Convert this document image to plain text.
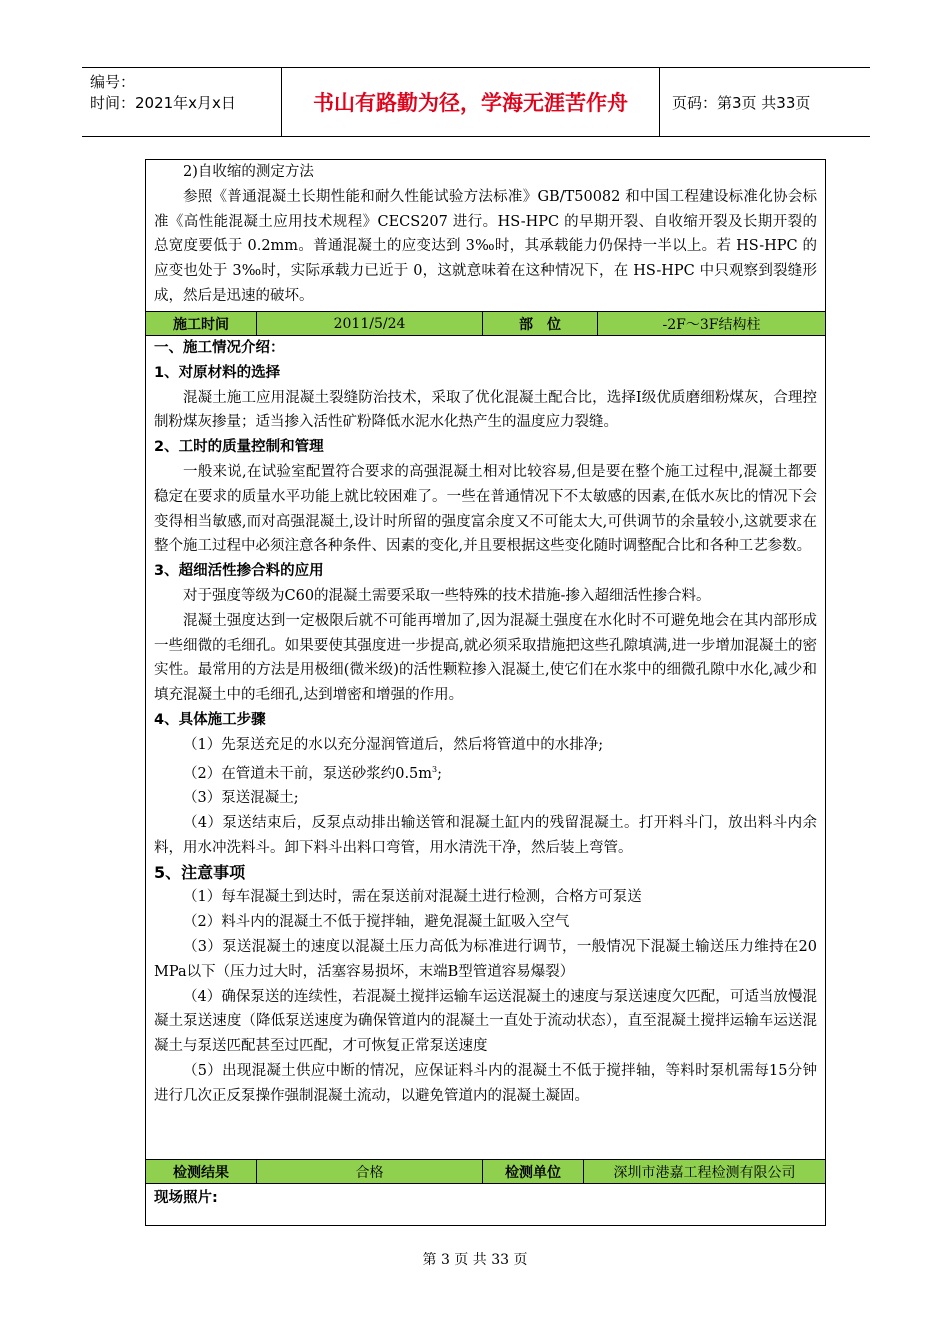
编号：
时间：2021年x月x日	书山有路勤为径，学海无涯苦作舟	页码：第3页 共33页
2)自收缩的测定方法
参照《普通混凝土长期性能和耐久性能试验方法标准》GB/T50082 和中国工程建设标准化协会标准《高性能混凝土应用技术规程》CECS207 进行。HS-HPC 的早期开裂、自收缩开裂及长期开裂的总宽度要低于 0.2mm。普通混凝土的应变达到 3‰时，其承载能力仍保持一半以上。若 HS-HPC 的应变也处于 3‰时，实际承载力已近于 0，这就意味着在这种情况下，在 HS-HPC 中只观察到裂缝形成，然后是迅速的破坏。
施工时间	2011/5/24	部　位	-2F～3F结构柱
一、施工情况介绍：
1、对原材料的选择
混凝土施工应用混凝土裂缝防治技术，采取了优化混凝土配合比，选择Ⅰ级优质磨细粉煤灰，合理控制粉煤灰掺量；适当掺入活性矿粉降低水泥水化热产生的温度应力裂缝。
2、工时的质量控制和管理
一般来说,在试验室配置符合要求的高强混凝土相对比较容易,但是要在整个施工过程中,混凝土都要稳定在要求的质量水平功能上就比较困难了。一些在普通情况下不太敏感的因素,在低水灰比的情况下会变得相当敏感,而对高强混凝土,设计时所留的强度富余度又不可能太大,可供调节的余量较小,这就要求在整个施工过程中必须注意各种条件、因素的变化,并且要根据这些变化随时调整配合比和各种工艺参数。
3、超细活性掺合料的应用
对于强度等级为C60的混凝土需要采取一些特殊的技术措施-掺入超细活性掺合料。
混凝土强度达到一定极限后就不可能再增加了,因为混凝土强度在水化时不可避免地会在其内部形成一些细微的毛细孔。如果要使其强度进一步提高,就必须采取措施把这些孔隙填满,进一步增加混凝土的密实性。最常用的方法是用极细(微米级)的活性颗粒掺入混凝土,使它们在水浆中的细微孔隙中水化,减少和填充混凝土中的毛细孔,达到增密和增强的作用。
4、具体施工步骤
（1）先泵送充足的水以充分湿润管道后，然后将管道中的水排净;
（2）在管道未干前，泵送砂浆约$0.5m^3$;
（3）泵送混凝土;
（4）泵送结束后，反泵点动排出输送管和混凝土缸内的残留混凝土。打开料斗门，放出料斗内余料，用水冲洗料斗。卸下料斗出料口弯管，用水清洗干净，然后装上弯管。
5、注意事项
（1）每车混凝土到达时，需在泵送前对混凝土进行检测，合格方可泵送
（2）料斗内的混凝土不低于搅拌轴，避免混凝土缸吸入空气
（3）泵送混凝土的速度以混凝土压力高低为标准进行调节，一般情况下混凝土输送压力维持在20 MPa以下（压力过大时，活塞容易损坏，末端B型管道容易爆裂）
（4）确保泵送的连续性，若混凝土搅拌运输车运送混凝土的速度与泵送速度欠匹配，可适当放慢混凝土泵送速度（降低泵送速度为确保管道内的混凝土一直处于流动状态），直至混凝土搅拌运输车运送混凝土与泵送匹配甚至过匹配，才可恢复正常泵送速度
（5）出现混凝土供应中断的情况，应保证料斗内的混凝土不低于搅拌轴，等料时泵机需每15分钟进行几次正反泵操作强制混凝土流动，以避免管道内的混凝土凝固。
检测结果	合格	检测单位	深圳市港嘉工程检测有限公司
现场照片:
第 3 页 共 33 页
